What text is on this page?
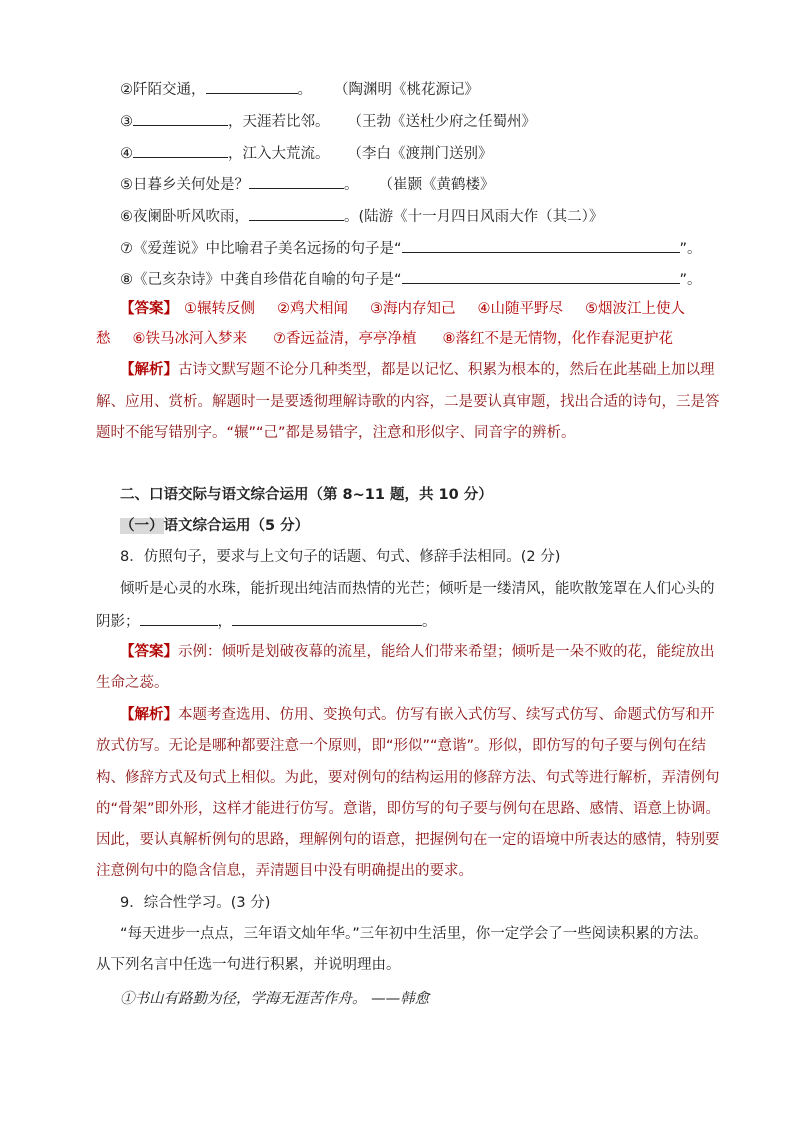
②阡陌交通，	。 （陶渊明《桃花源记》
③	，天涯若比邻。 （王勃《送杜少府之任蜀州》
④	，江入大荒流。 （李白《渡荆门送别》
⑤日暮乡关何处是？	。 （崔颢《黄鹤楼》
⑥夜阑卧听风吹雨，	。(陆游《十一月四日风雨大作（其二）》
⑦《爱莲说》中比喻君子美名远扬的句子是“	”。
⑧《己亥杂诗》中龚自珍借花自喻的句子是“	”。
【答案】 ①辗转反侧 ②鸡犬相闻 ③海内存知己 ④山随平野尽 ⑤烟波江上使人
愁 ⑥铁马冰河入梦来 ⑦香远益清，亭亭净植 ⑧落红不是无情物，化作春泥更护花
【解析】古诗文默写题不论分几种类型，都是以记忆、积累为根本的，然后在此基础上加以理
解、应用、赏析。解题时一是要透彻理解诗歌的内容，二是要认真审题，找出合适的诗句，三是答
题时不能写错别字。“辗”“己”都是易错字，注意和形似字、同音字的辨析。
二、口语交际与语文综合运用（第 8~11 题，共 10 分）
（一）语文综合运用（5 分）
8．仿照句子，要求与上文句子的话题、句式、修辞手法相同。(2 分)
倾听是心灵的水珠，能折现出纯洁而热情的光芒；倾听是一缕清风，能吹散笼罩在人们心头的
阴影；	，	。
【答案】示例：倾听是划破夜幕的流星，能给人们带来希望；倾听是一朵不败的花，能绽放出
生命之蕊。
【解析】本题考查选用、仿用、变换句式。仿写有嵌入式仿写、续写式仿写、命题式仿写和开
放式仿写。无论是哪种都要注意一个原则，即“形似”“意谐”。形似，即仿写的句子要与例句在结
构、修辞方式及句式上相似。为此，要对例句的结构运用的修辞方法、句式等进行解析，弄清例句
的“骨架”即外形，这样才能进行仿写。意谐，即仿写的句子要与例句在思路、感情、语意上协调。
因此，要认真解析例句的思路，理解例句的语意，把握例句在一定的语境中所表达的感情，特别要
注意例句中的隐含信息，弄清题目中没有明确提出的要求。
9．综合性学习。(3 分)
“每天进步一点点，三年语文灿年华。”三年初中生活里，你一定学会了一些阅读积累的方法。
从下列名言中任选一句进行积累，并说明理由。
①书山有路勤为径，学海无涯苦作舟。 ——韩愈
